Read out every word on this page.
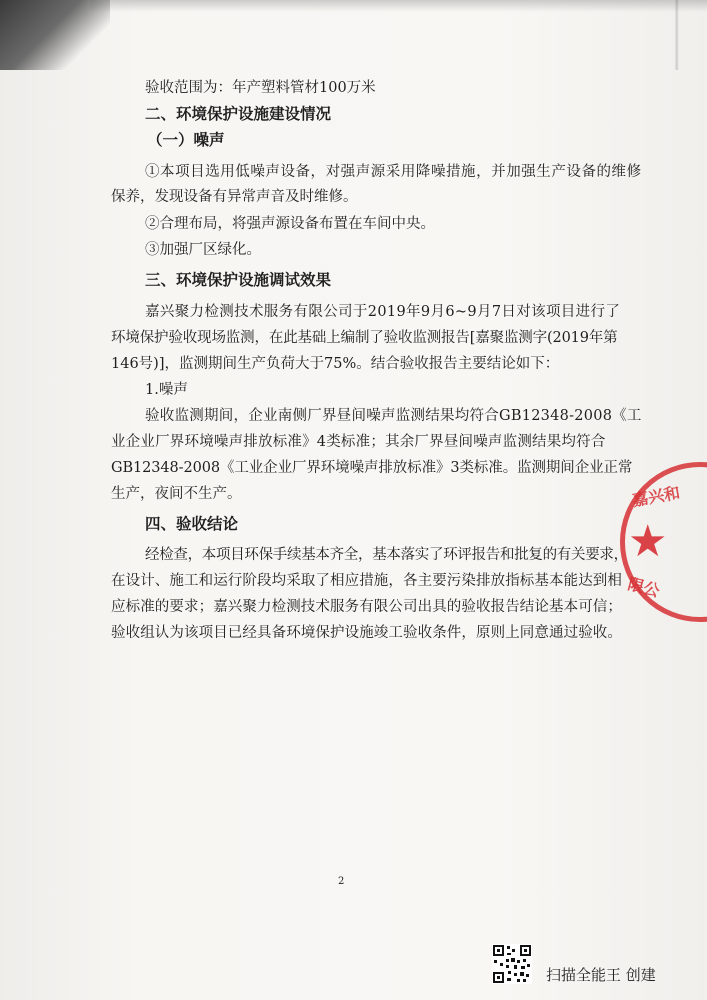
验收范围为：年产塑料管材100万米
二、环境保护设施建设情况
（一）噪声
①本项目选用低噪声设备，对强声源采用降噪措施，并加强生产设备的维修
保养，发现设备有异常声音及时维修。
②合理布局，将强声源设备布置在车间中央。
③加强厂区绿化。
三、环境保护设施调试效果
嘉兴聚力检测技术服务有限公司于2019年9月6~9月7日对该项目进行了
环境保护验收现场监测，在此基础上编制了验收监测报告[嘉聚监测字(2019年第
146号)]，监测期间生产负荷大于75%。结合验收报告主要结论如下：
1.噪声
验收监测期间，企业南侧厂界昼间噪声监测结果均符合GB12348-2008《工
业企业厂界环境噪声排放标准》4类标准；其余厂界昼间噪声监测结果均符合
GB12348-2008《工业企业厂界环境噪声排放标准》3类标准。监测期间企业正常
生产，夜间不生产。
四、验收结论
经检查，本项目环保手续基本齐全，基本落实了环评报告和批复的有关要求，
在设计、施工和运行阶段均采取了相应措施，各主要污染排放指标基本能达到相
应标准的要求；嘉兴聚力检测技术服务有限公司出具的验收报告结论基本可信；
验收组认为该项目已经具备环境保护设施竣工验收条件，原则上同意通过验收。
2
嘉兴和
★
限公
扫描全能王 创建
